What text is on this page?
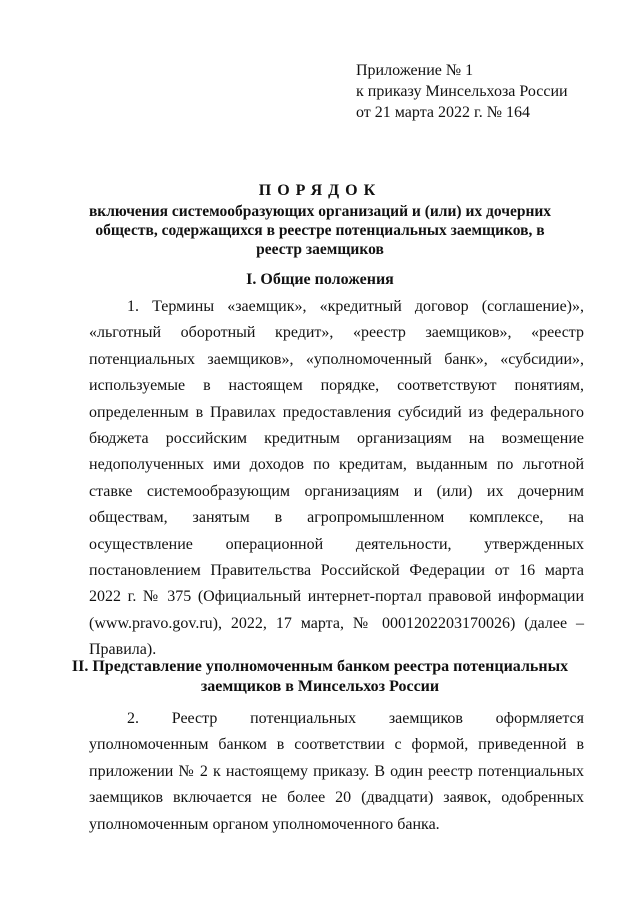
Приложение № 1
к приказу Минсельхоза России
от 21 марта 2022 г. № 164
ПОРЯДОК
включения системообразующих организаций и (или) их дочерних обществ, содержащихся в реестре потенциальных заемщиков, в реестр заемщиков
I. Общие положения
1. Термины «заемщик», «кредитный договор (соглашение)», «льготный оборотный кредит», «реестр заемщиков», «реестр потенциальных заемщиков», «уполномоченный банк», «субсидии», используемые в настоящем порядке, соответствуют понятиям, определенным в Правилах предоставления субсидий из федерального бюджета российским кредитным организациям на возмещение недополученных ими доходов по кредитам, выданным по льготной ставке системообразующим организациям и (или) их дочерним обществам, занятым в агропромышленном комплексе, на осуществление операционной деятельности, утвержденных постановлением Правительства Российской Федерации от 16 марта 2022 г. № 375 (Официальный интернет-портал правовой информации (www.pravo.gov.ru), 2022, 17 марта, № 0001202203170026) (далее – Правила).
II. Представление уполномоченным банком реестра потенциальных заемщиков в Минсельхоз России
2. Реестр потенциальных заемщиков оформляется уполномоченным банком в соответствии с формой, приведенной в приложении № 2 к настоящему приказу. В один реестр потенциальных заемщиков включается не более 20 (двадцати) заявок, одобренных уполномоченным органом уполномоченного банка.
